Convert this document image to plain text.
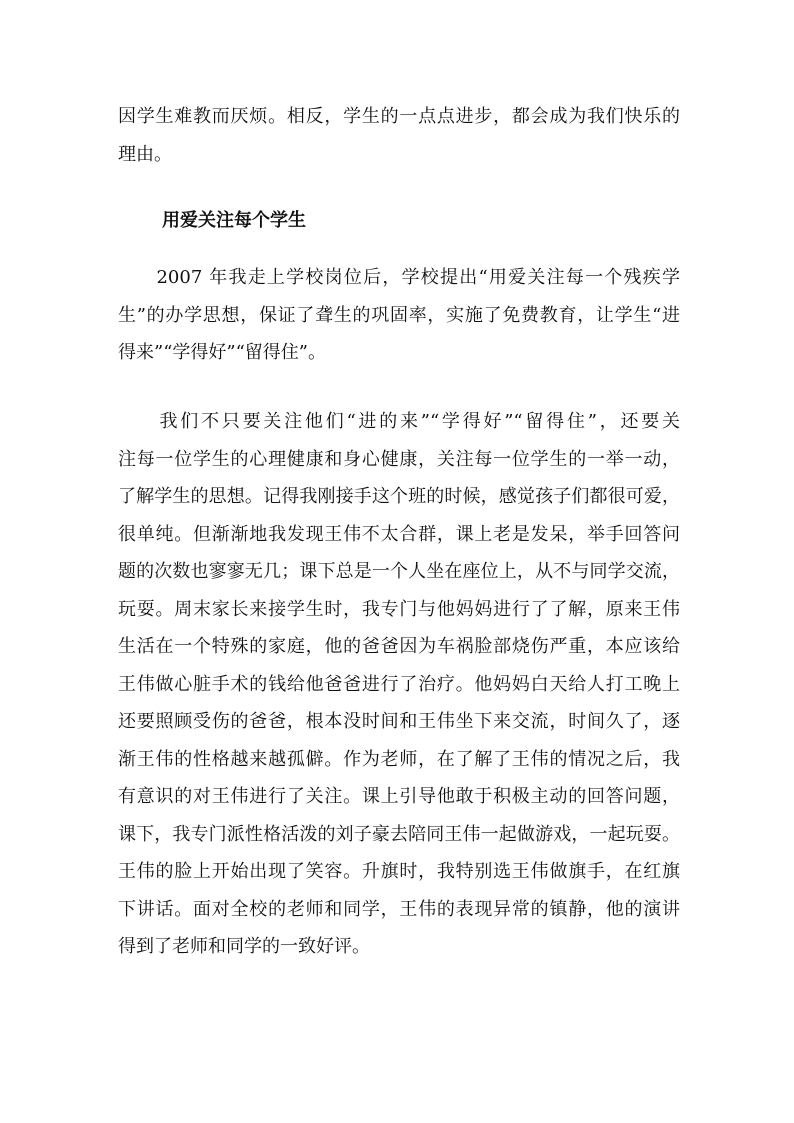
因学生难教而厌烦。相反，学生的一点点进步，都会成为我们快乐的
理由。
用爱关注每个学生
　　2007 年我走上学校岗位后，学校提出“用爱关注每一个残疾学
生”的办学思想，保证了聋生的巩固率，实施了免费教育，让学生“进
得来”“学得好”“留得住”。
　　我们不只要关注他们“进的来”“学得好”“留得住”，还要关
注每一位学生的心理健康和身心健康，关注每一位学生的一举一动，
了解学生的思想。记得我刚接手这个班的时候，感觉孩子们都很可爱，
很单纯。但渐渐地我发现王伟不太合群，课上老是发呆，举手回答问
题的次数也寥寥无几；课下总是一个人坐在座位上，从不与同学交流，
玩耍。周末家长来接学生时，我专门与他妈妈进行了了解，原来王伟
生活在一个特殊的家庭，他的爸爸因为车祸脸部烧伤严重，本应该给
王伟做心脏手术的钱给他爸爸进行了治疗。他妈妈白天给人打工晚上
还要照顾受伤的爸爸，根本没时间和王伟坐下来交流，时间久了，逐
渐王伟的性格越来越孤僻。作为老师，在了解了王伟的情况之后，我
有意识的对王伟进行了关注。课上引导他敢于积极主动的回答问题，
课下，我专门派性格活泼的刘子豪去陪同王伟一起做游戏，一起玩耍。
王伟的脸上开始出现了笑容。升旗时，我特别选王伟做旗手，在红旗
下讲话。面对全校的老师和同学，王伟的表现异常的镇静，他的演讲
得到了老师和同学的一致好评。
